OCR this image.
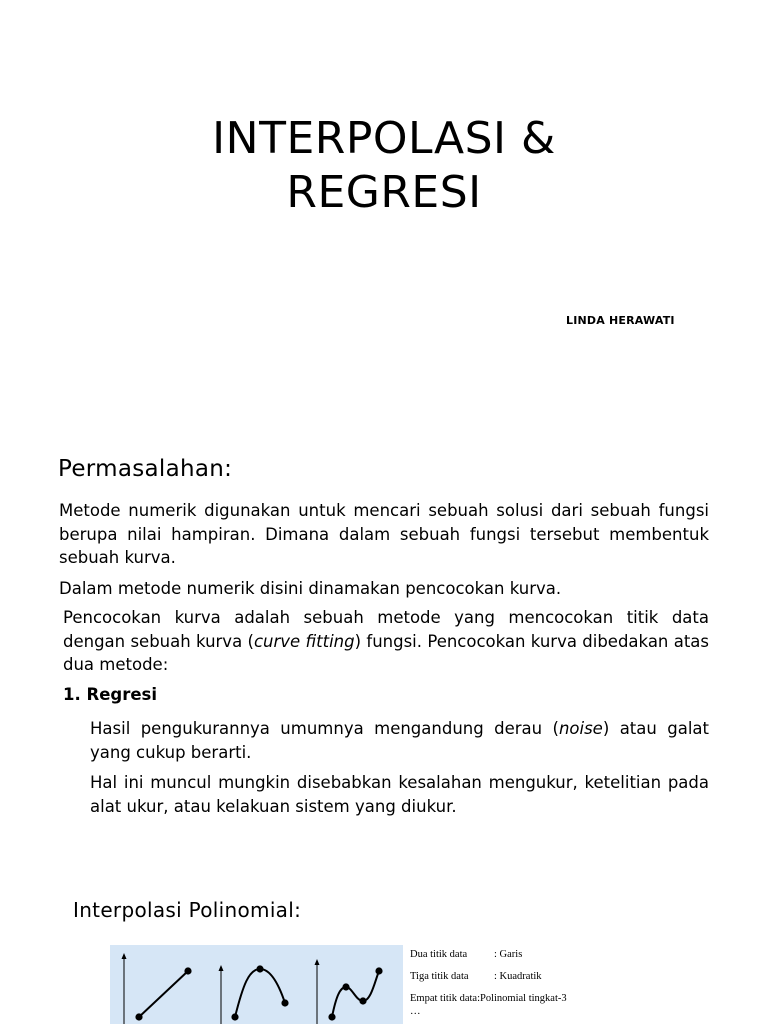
INTERPOLASI &
REGRESI
LINDA HERAWATI
Permasalahan:

Metode numerik digunakan untuk mencari sebuah solusi dari sebuah fungsi berupa nilai hampiran. Dimana dalam sebuah fungsi tersebut membentuk sebuah kurva.

Dalam metode numerik disini dinamakan pencocokan kurva.

Pencocokan kurva adalah sebuah metode yang mencocokan titik data dengan sebuah kurva (curve fitting) fungsi. Pencocokan kurva dibedakan atas dua metode:

1. Regresi

Hasil pengukurannya umumnya mengandung derau (noise) atau galat yang cukup berarti.

Hal ini muncul mungkin disebabkan kesalahan mengukur, ketelitian pada alat ukur, atau kelakuan sistem yang diukur.

Interpolasi Polinomial:
Dua titik data	: Garis
Tiga titik data : Kuadratik
Empat titik data:Polinomial tingkat-3
…
